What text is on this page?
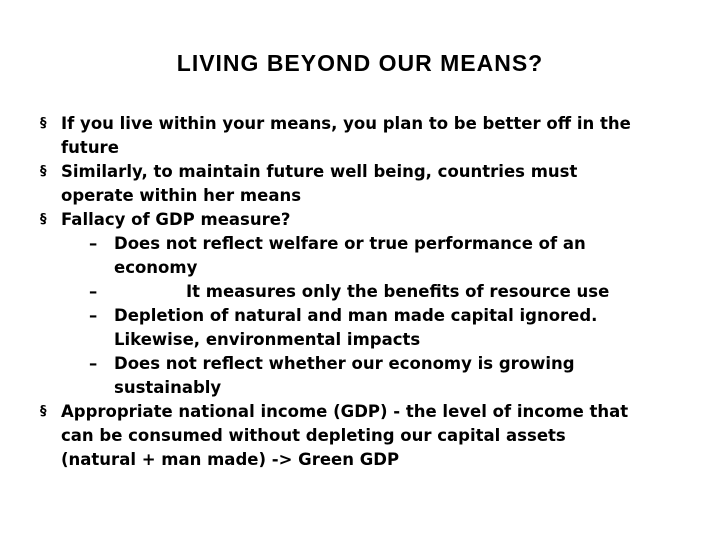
LIVING BEYOND OUR MEANS?

§ If you live within your means, you plan to be better off in the future

§ Similarly, to maintain future well being, countries must operate within her means

§ Fallacy of GDP measure?

– Does not reflect welfare or true performance of an economy

–	It measures only the benefits of resource use

– Depletion of natural and man made capital ignored. Likewise, environmental impacts

– Does not reflect whether our economy is growing sustainably

§ Appropriate national income (GDP) - the level of income that can be consumed without depleting our capital assets (natural + man made) -> Green GDP
